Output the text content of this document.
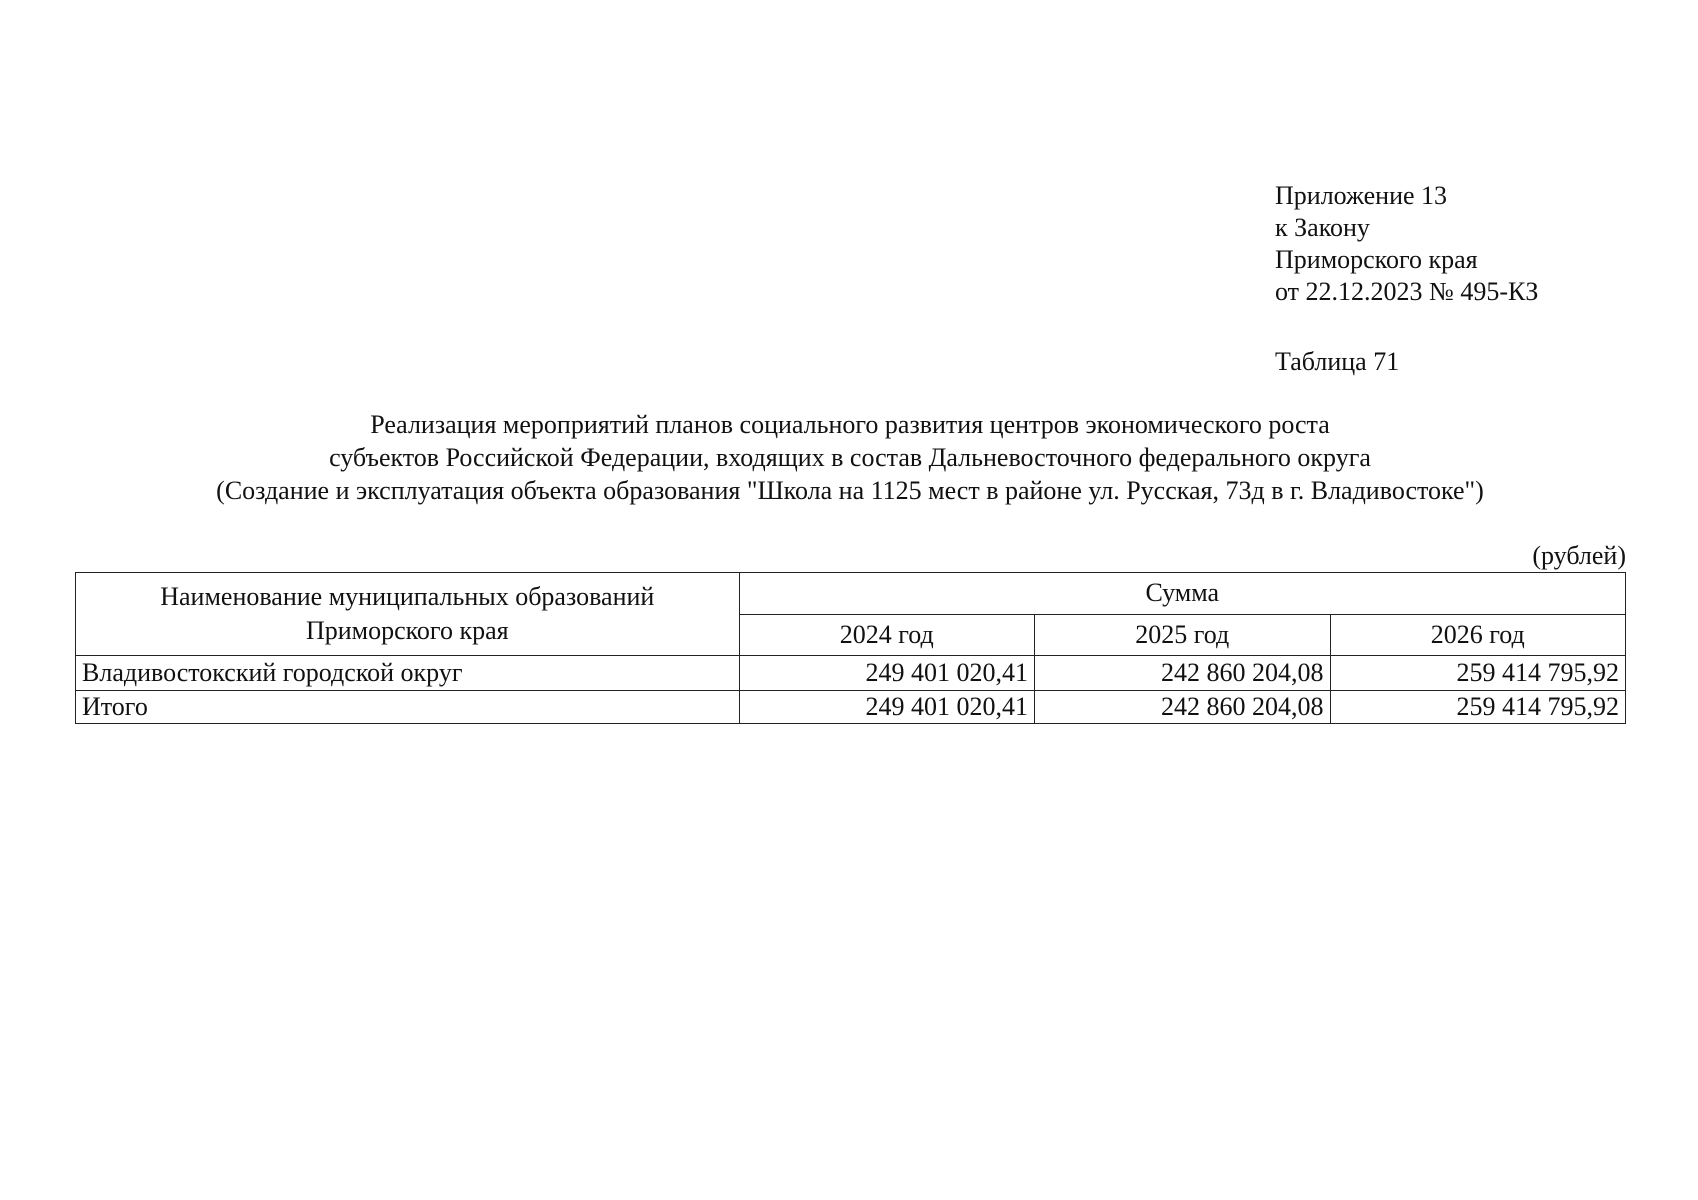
Приложение 13
к Закону
Приморского края
от 22.12.2023 № 495-КЗ
Таблица 71
Реализация мероприятий планов социального развития центров экономического роста
субъектов Российской Федерации, входящих в состав Дальневосточного федерального округа
(Создание и эксплуатация объекта образования "Школа на 1125 мест в районе ул. Русская, 73д в г. Владивостоке")
(рублей)
Наименование муниципальных образований
Приморского края	Сумма		
	2024 год	2025 год	2026 год
Владивостокский городской округ	249 401 020,41	242 860 204,08	259 414 795,92
Итого	249 401 020,41	242 860 204,08	259 414 795,92
